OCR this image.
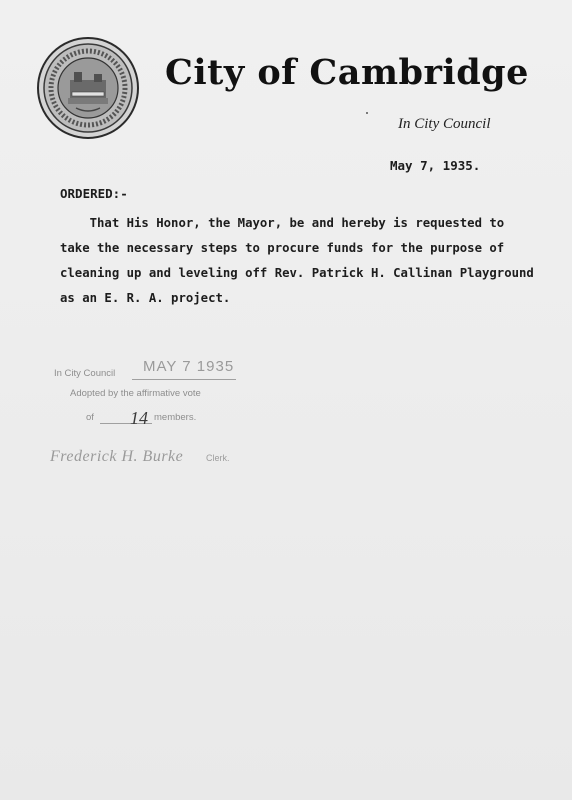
City of Cambridge
In City Council
May 7, 1935.
ORDERED:-
That His Honor, the Mayor, be and hereby is requested to
take the necessary steps to procure funds for the purpose of
cleaning up and leveling off Rev. Patrick H. Callinan Playground
as an E. R. A. project.
In City Council MAY 7 1935
Adopted by the affirmative vote
of 14 members.
Frederick H. Burke	Clerk.
